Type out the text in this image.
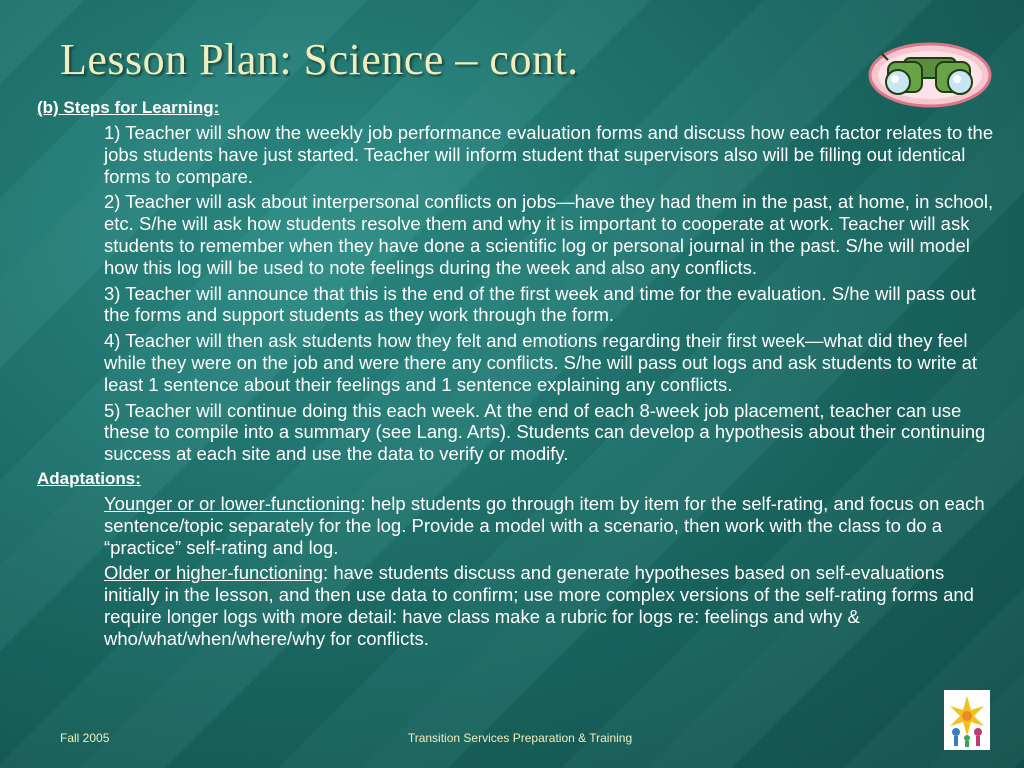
Lesson Plan: Science – cont.
(b) Steps for Learning:
1) Teacher will show the weekly job performance evaluation forms and discuss how each factor relates to the jobs students have just started. Teacher will inform student that supervisors also will be filling out identical forms to compare.
2) Teacher will ask about interpersonal conflicts on jobs—have they had them in the past, at home, in school, etc. S/he will ask how students resolve them and why it is important to cooperate at work. Teacher will ask students to remember when they have done a scientific log or personal journal in the past. S/he will model how this log will be used to note feelings during the week and also any conflicts.
3) Teacher will announce that this is the end of the first week and time for the evaluation. S/he will pass out the forms and support students as they work through the form.
4) Teacher will then ask students how they felt and emotions regarding their first week—what did they feel while they were on the job and were there any conflicts. S/he will pass out logs and ask students to write at least 1 sentence about their feelings and 1 sentence explaining any conflicts.
5) Teacher will continue doing this each week. At the end of each 8-week job placement, teacher can use these to compile into a summary (see Lang. Arts). Students can develop a hypothesis about their continuing success at each site and use the data to verify or modify.
Adaptations:
Younger or or lower-functioning: help students go through item by item for the self-rating, and focus on each sentence/topic separately for the log. Provide a model with a scenario, then work with the class to do a “practice” self-rating and log.
Older or higher-functioning: have students discuss and generate hypotheses based on self-evaluations initially in the lesson, and then use data to confirm; use more complex versions of the self-rating forms and require longer logs with more detail: have class make a rubric for logs re: feelings and why & who/what/when/where/why for conflicts.
Fall 2005	Transition Services Preparation & Training
